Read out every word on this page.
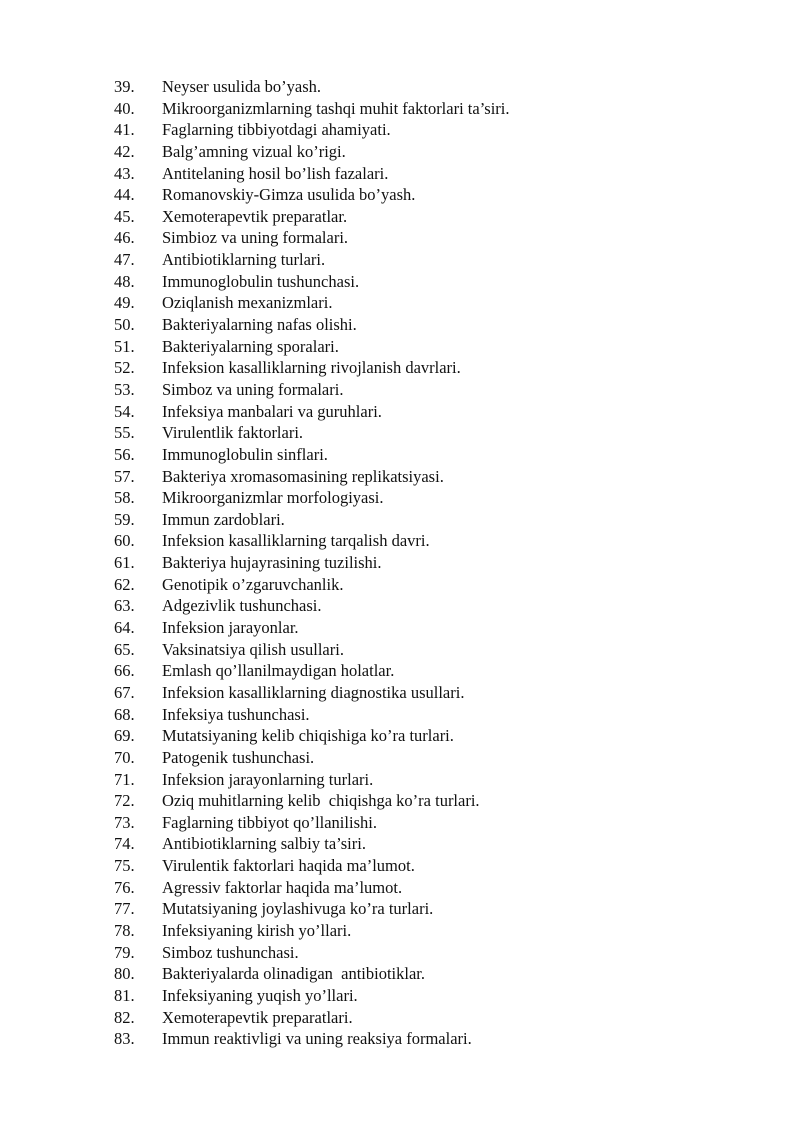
39.	Neyser usulida bo’yash.
40.	Mikroorganizmlarning tashqi muhit faktorlari ta’siri.
41.	Faglarning tibbiyotdagi ahamiyati.
42.	Balg’amning vizual ko’rigi.
43.	Antitelaning hosil bo’lish fazalari.
44.	Romanovskiy-Gimza usulida bo’yash.
45.	Xemoterapevtik preparatlar.
46.	Simbioz va uning formalari.
47.	Antibiotiklarning turlari.
48.	Immunoglobulin tushunchasi.
49.	Oziqlanish mexanizmlari.
50.	Bakteriyalarning nafas olishi.
51.	Bakteriyalarning sporalari.
52.	Infeksion kasalliklarning rivojlanish davrlari.
53.	Simboz va uning formalari.
54.	Infeksiya manbalari va guruhlari.
55.	Virulentlik faktorlari.
56.	Immunoglobulin sinflari.
57.	Bakteriya xromasomasining replikatsiyasi.
58.	Mikroorganizmlar morfologiyasi.
59.	Immun zardoblari.
60.	Infeksion kasalliklarning tarqalish davri.
61.	Bakteriya hujayrasining tuzilishi.
62.	Genotipik o’zgaruvchanlik.
63.	Adgezivlik tushunchasi.
64.	Infeksion jarayonlar.
65.	Vaksinatsiya qilish usullari.
66.	Emlash qo’llanilmaydigan holatlar.
67.	Infeksion kasalliklarning diagnostika usullari.
68.	Infeksiya tushunchasi.
69.	Mutatsiyaning kelib chiqishiga ko’ra turlari.
70.	Patogenik tushunchasi.
71.	Infeksion jarayonlarning turlari.
72.	Oziq muhitlarning kelib  chiqishga ko’ra turlari.
73.	Faglarning tibbiyot qo’llanilishi.
74.	Antibiotiklarning salbiy ta’siri.
75.	Virulentik faktorlari haqida ma’lumot.
76.	Agressiv faktorlar haqida ma’lumot.
77.	Mutatsiyaning joylashivuga ko’ra turlari.
78.	Infeksiyaning kirish yo’llari.
79.	Simboz tushunchasi.
80.	Bakteriyalarda olinadigan  antibiotiklar.
81.	Infeksiyaning yuqish yo’llari.
82.	Xemoterapevtik preparatlari.
83.	Immun reaktivligi va uning reaksiya formalari.
